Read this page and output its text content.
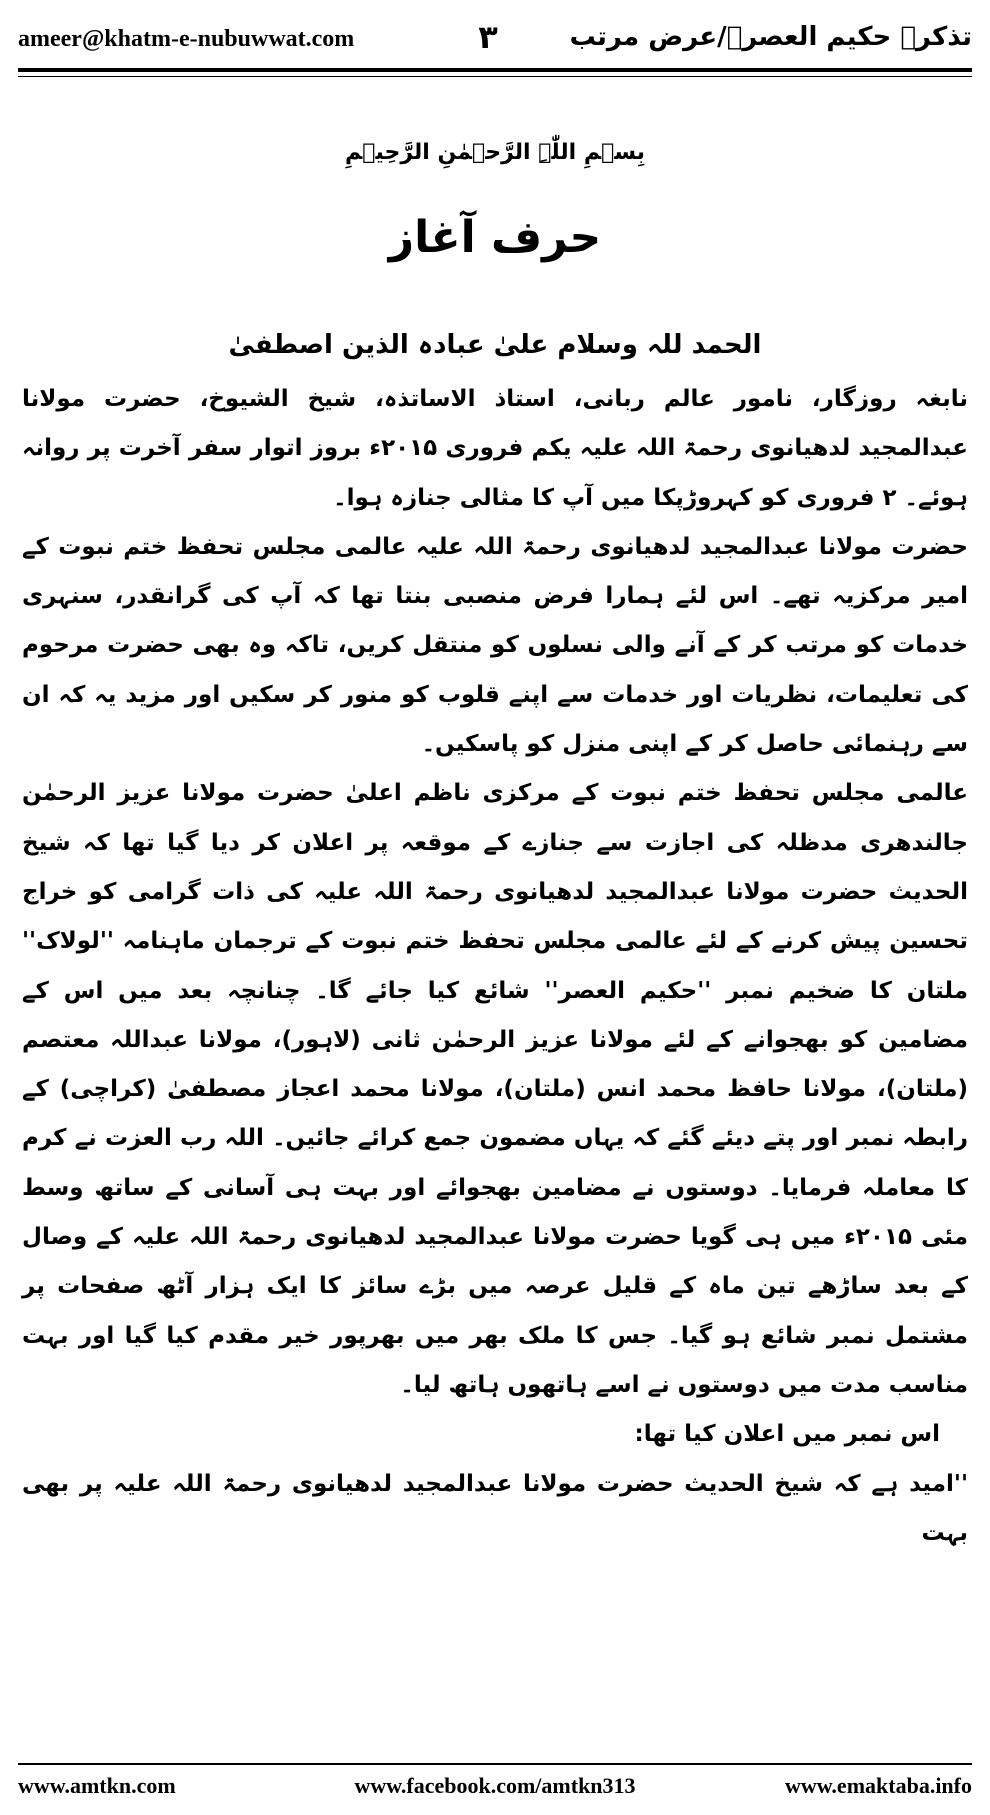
ameer@khatm-e-nubuwwat.com	۳	تذکرہ حکیم العصرؒ/عرض مرتب
بِسۡمِ اللّٰہِ الرَّحۡمٰنِ الرَّحِیۡمِ
حرف آغاز
الحمد للہ وسلام علیٰ عبادہ الذین اصطفیٰ

نابغہ روزگار، نامور عالم ربانی، استاذ الاساتذہ، شیخ الشیوخ، حضرت مولانا عبدالمجید لدھیانوی رحمۃ اللہ علیہ یکم فروری ۲۰۱۵ء بروز اتوار سفر آخرت پر روانہ ہوئے۔ ۲ فروری کو کہروڑپکا میں آپ کا مثالی جنازہ ہوا۔

حضرت مولانا عبدالمجید لدھیانوی رحمۃ اللہ علیہ عالمی مجلس تحفظ ختم نبوت کے امیر مرکزیہ تھے۔ اس لئے ہمارا فرض منصبی بنتا تھا کہ آپ کی گرانقدر، سنہری خدمات کو مرتب کر کے آنے والی نسلوں کو منتقل کریں، تاکہ وہ بھی حضرت مرحوم کی تعلیمات، نظریات اور خدمات سے اپنے قلوب کو منور کر سکیں اور مزید یہ کہ ان سے رہنمائی حاصل کر کے اپنی منزل کو پاسکیں۔

عالمی مجلس تحفظ ختم نبوت کے مرکزی ناظم اعلیٰ حضرت مولانا عزیز الرحمٰن جالندھری مدظلہ کی اجازت سے جنازے کے موقعہ پر اعلان کر دیا گیا تھا کہ شیخ الحدیث حضرت مولانا عبدالمجید لدھیانوی رحمۃ اللہ علیہ کی ذات گرامی کو خراج تحسین پیش کرنے کے لئے عالمی مجلس تحفظ ختم نبوت کے ترجمان ماہنامہ ''لولاک'' ملتان کا ضخیم نمبر ''حکیم العصر'' شائع کیا جائے گا۔ چنانچہ بعد میں اس کے مضامین کو بھجوانے کے لئے مولانا عزیز الرحمٰن ثانی (لاہور)، مولانا عبداللہ معتصم (ملتان)، مولانا حافظ محمد انس (ملتان)، مولانا محمد اعجاز مصطفیٰ (کراچی) کے رابطہ نمبر اور پتے دیئے گئے کہ یہاں مضمون جمع کرائے جائیں۔ اللہ رب العزت نے کرم کا معاملہ فرمایا۔ دوستوں نے مضامین بھجوائے اور بہت ہی آسانی کے ساتھ وسط مئی ۲۰۱۵ء میں ہی گویا حضرت مولانا عبدالمجید لدھیانوی رحمۃ اللہ علیہ کے وصال کے بعد ساڑھے تین ماہ کے قلیل عرصہ میں بڑے سائز کا ایک ہزار آٹھ صفحات پر مشتمل نمبر شائع ہو گیا۔ جس کا ملک بھر میں بھرپور خیر مقدم کیا گیا اور بہت مناسب مدت میں دوستوں نے اسے ہاتھوں ہاتھ لیا۔

اس نمبر میں اعلان کیا تھا:

''امید ہے کہ شیخ الحدیث حضرت مولانا عبدالمجید لدھیانوی رحمۃ اللہ علیہ پر بھی بہت

www.amtkn.com	www.facebook.com/amtkn313	www.emaktaba.info
